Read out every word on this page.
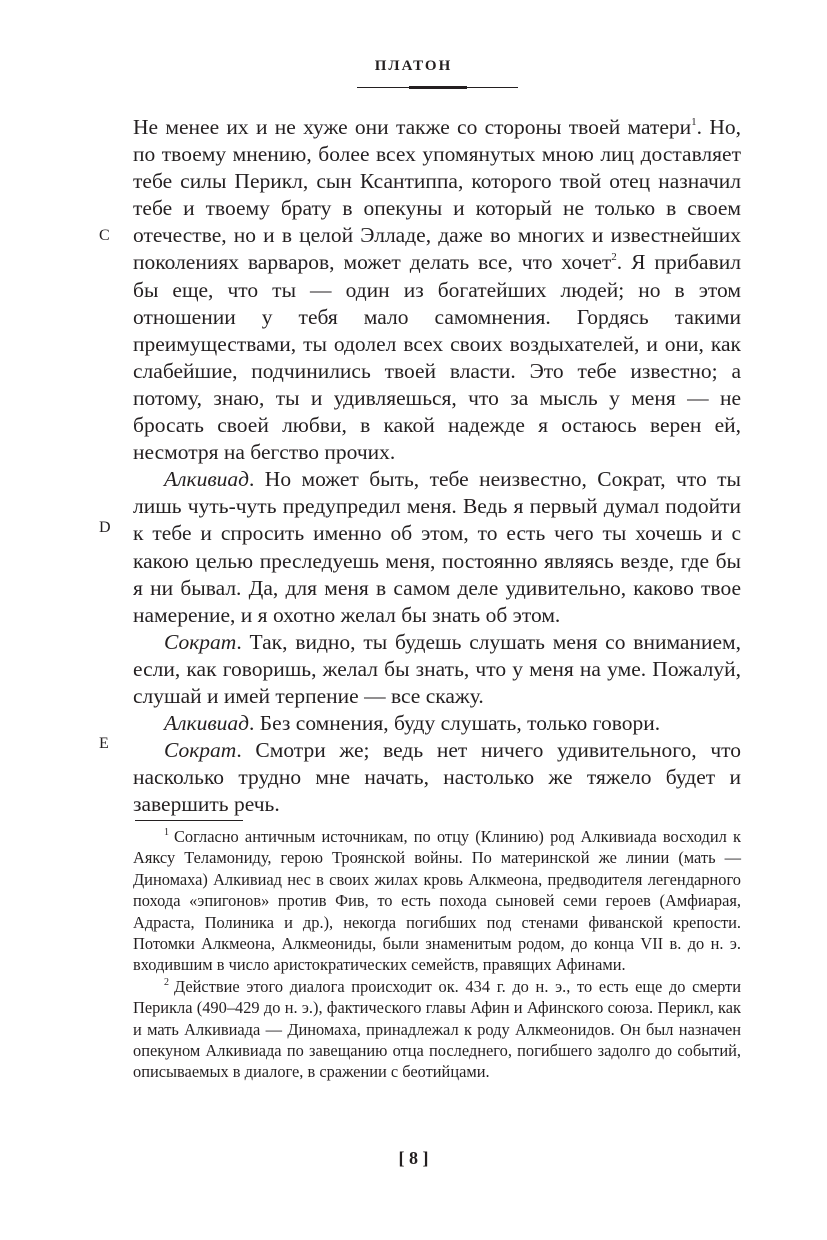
ПЛАТОН
C
D
E

Не менее их и не хуже они также со стороны твоей матери$^1$. Но, по твоему мнению, более всех упомянутых мною лиц доставляет тебе силы Перикл, сын Ксантиппа, которого твой отец назначил тебе и твоему брату в опекуны и который не только в своем отечестве, но и в целой Элладе, даже во многих и известнейших поколениях варваров, может делать все, что хочет$^2$. Я прибавил бы еще, что ты — один из богатейших людей; но в этом отношении у тебя мало самомнения. Гордясь такими преимуществами, ты одолел всех своих воздыхателей, и они, как слабейшие, подчинились твоей власти. Это тебе известно; а потому, знаю, ты и удивляешься, что за мысль у меня — не бросать своей любви, в какой надежде я остаюсь верен ей, несмотря на бегство прочих.

Алкивиад. Но может быть, тебе неизвестно, Сократ, что ты лишь чуть-чуть предупредил меня. Ведь я первый думал подойти к тебе и спросить именно об этом, то есть чего ты хочешь и с какою целью преследуешь меня, постоянно являясь везде, где бы я ни бывал. Да, для меня в самом деле удивительно, каково твое намерение, и я охотно желал бы знать об этом.

Сократ. Так, видно, ты будешь слушать меня со вниманием, если, как говоришь, желал бы знать, что у меня на уме. Пожалуй, слушай и имей терпение — все скажу.

Алкивиад. Без сомнения, буду слушать, только говори.

Сократ. Смотри же; ведь нет ничего удивительного, что насколько трудно мне начать, настолько же тяжело будет и завершить речь.

$^1$ Согласно античным источникам, по отцу (Клинию) род Алкивиада восходил к Аяксу Теламониду, герою Троянской войны. По материнской же линии (мать — Диномаха) Алкивиад нес в своих жилах кровь Алкмеона, предводителя легендарного похода «эпигонов» против Фив, то есть похода сыновей семи героев (Амфиарая, Адраста, Полиника и др.), некогда погибших под стенами фиванской крепости. Потомки Алкмеона, Алкмеониды, были знаменитым родом, до конца VII в. до н. э. входившим в число аристократических семейств, правящих Афинами.

$^2$ Действие этого диалога происходит ок. 434 г. до н. э., то есть еще до смерти Перикла (490–429 до н. э.), фактического главы Афин и Афинского союза. Перикл, как и мать Алкивиада — Диномаха, принадлежал к роду Алкмеонидов. Он был назначен опекуном Алкивиада по завещанию отца последнего, погибшего задолго до событий, описываемых в диалоге, в сражении с беотийцами.

[ 8 ]
